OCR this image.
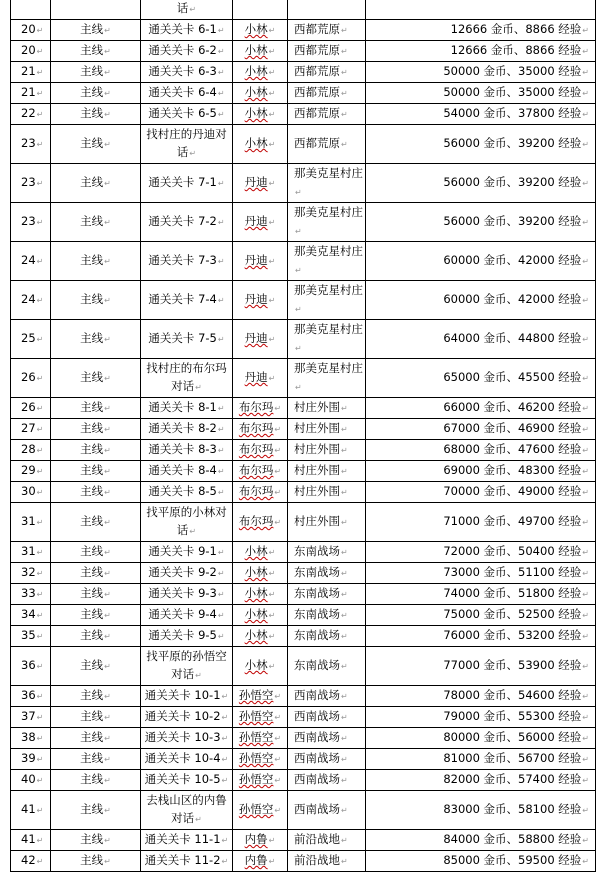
		话↵			
20↵	主线↵	通关关卡 6-1↵	小林↵	西都荒原↵	12666 金币、8866 经验↵
20↵	主线↵	通关关卡 6-2↵	小林↵	西都荒原↵	12666 金币、8866 经验↵
21↵	主线↵	通关关卡 6-3↵	小林↵	西都荒原↵	50000 金币、35000 经验↵
21↵	主线↵	通关关卡 6-4↵	小林↵	西都荒原↵	50000 金币、35000 经验↵
22↵	主线↵	通关关卡 6-5↵	小林↵	西都荒原↵	54000 金币、37800 经验↵
23↵	主线↵	找村庄的丹迪对话↵	小林↵	西都荒原↵	56000 金币、39200 经验↵
23↵	主线↵	通关关卡 7-1↵	丹迪↵	那美克星村庄↵	56000 金币、39200 经验↵
23↵	主线↵	通关关卡 7-2↵	丹迪↵	那美克星村庄↵	56000 金币、39200 经验↵
24↵	主线↵	通关关卡 7-3↵	丹迪↵	那美克星村庄↵	60000 金币、42000 经验↵
24↵	主线↵	通关关卡 7-4↵	丹迪↵	那美克星村庄↵	60000 金币、42000 经验↵
25↵	主线↵	通关关卡 7-5↵	丹迪↵	那美克星村庄↵	64000 金币、44800 经验↵
26↵	主线↵	找村庄的布尔玛对话↵	丹迪↵	那美克星村庄↵	65000 金币、45500 经验↵
26↵	主线↵	通关关卡 8-1↵	布尔玛↵	村庄外围↵	66000 金币、46200 经验↵
27↵	主线↵	通关关卡 8-2↵	布尔玛↵	村庄外围↵	67000 金币、46900 经验↵
28↵	主线↵	通关关卡 8-3↵	布尔玛↵	村庄外围↵	68000 金币、47600 经验↵
29↵	主线↵	通关关卡 8-4↵	布尔玛↵	村庄外围↵	69000 金币、48300 经验↵
30↵	主线↵	通关关卡 8-5↵	布尔玛↵	村庄外围↵	70000 金币、49000 经验↵
31↵	主线↵	找平原的小林对话↵	布尔玛↵	村庄外围↵	71000 金币、49700 经验↵
31↵	主线↵	通关关卡 9-1↵	小林↵	东南战场↵	72000 金币、50400 经验↵
32↵	主线↵	通关关卡 9-2↵	小林↵	东南战场↵	73000 金币、51100 经验↵
33↵	主线↵	通关关卡 9-3↵	小林↵	东南战场↵	74000 金币、51800 经验↵
34↵	主线↵	通关关卡 9-4↵	小林↵	东南战场↵	75000 金币、52500 经验↵
35↵	主线↵	通关关卡 9-5↵	小林↵	东南战场↵	76000 金币、53200 经验↵
36↵	主线↵	找平原的孙悟空对话↵	小林↵	东南战场↵	77000 金币、53900 经验↵
36↵	主线↵	通关关卡 10-1↵	孙悟空↵	西南战场↵	78000 金币、54600 经验↵
37↵	主线↵	通关关卡 10-2↵	孙悟空↵	西南战场↵	79000 金币、55300 经验↵
38↵	主线↵	通关关卡 10-3↵	孙悟空↵	西南战场↵	80000 金币、56000 经验↵
39↵	主线↵	通关关卡 10-4↵	孙悟空↵	西南战场↵	81000 金币、56700 经验↵
40↵	主线↵	通关关卡 10-5↵	孙悟空↵	西南战场↵	82000 金币、57400 经验↵
41↵	主线↵	去栈山区的内鲁对话↵	孙悟空↵	西南战场↵	83000 金币、58100 经验↵
41↵	主线↵	通关关卡 11-1↵	内鲁↵	前沿战地↵	84000 金币、58800 经验↵
42↵	主线↵	通关关卡 11-2↵	内鲁↵	前沿战地↵	85000 金币、59500 经验↵
